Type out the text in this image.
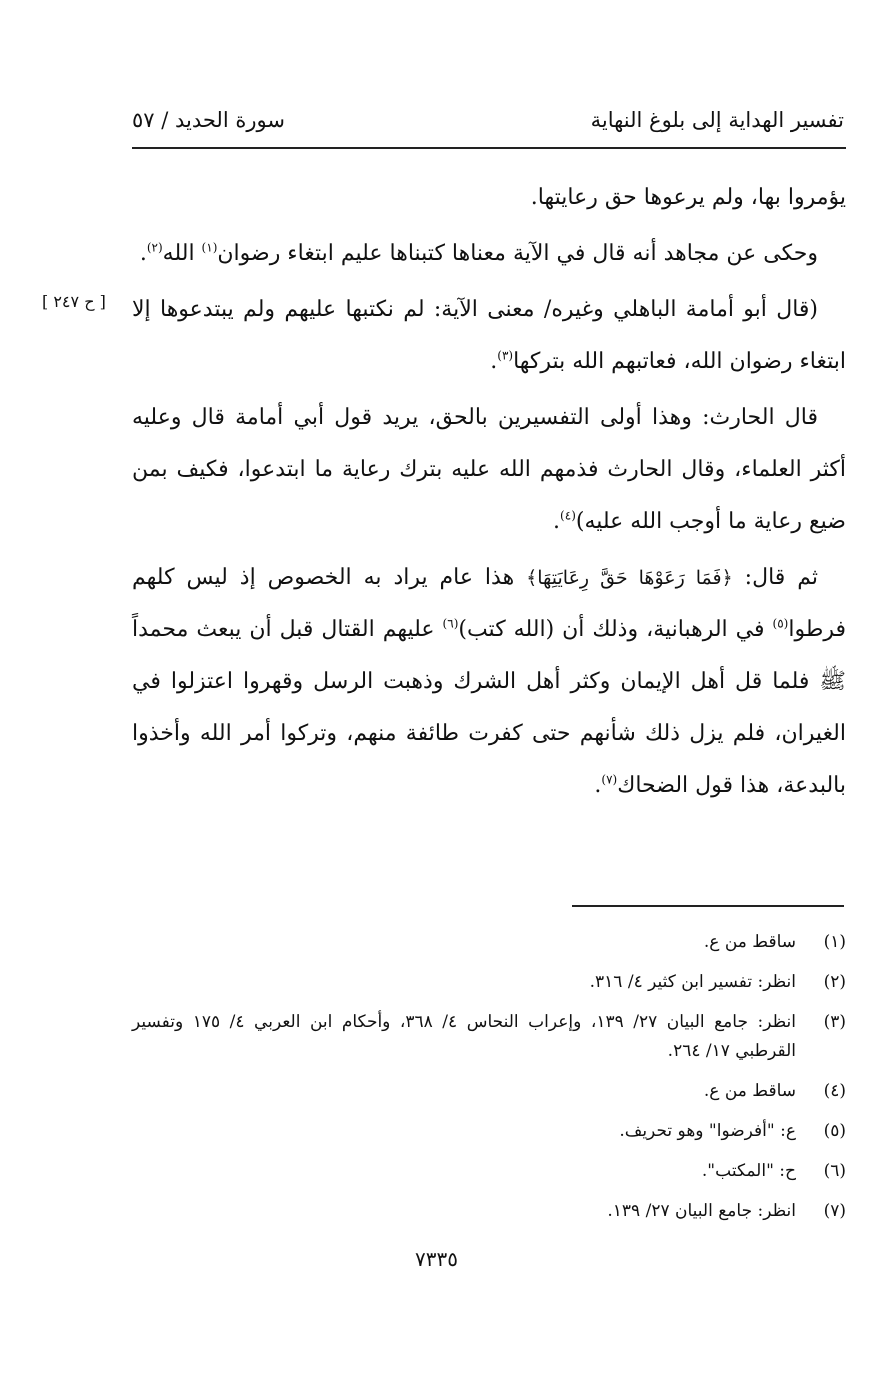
تفسير الهداية إلى بلوغ النهاية
سورة الحديد / ٥٧
[ ح ٢٤٧ ]

يؤمروا بها، ولم يرعوها حق رعايتها.

وحكى عن مجاهد أنه قال في الآية معناها كتبناها عليم ابتغاء رضوان$^{(١)}$ الله$^{(٢)}$.

(قال أبو أمامة الباهلي وغيره/ معنى الآية: لم نكتبها عليهم ولم يبتدعوها إلا ابتغاء رضوان الله، فعاتبهم الله بتركها$^{(٣)}$.

قال الحارث: وهذا أولى التفسيرين بالحق، يريد قول أبي أمامة قال وعليه أكثر العلماء، وقال الحارث فذمهم الله عليه بترك رعاية ما ابتدعوا، فكيف بمن ضيع رعاية ما أوجب الله عليه)$^{(٤)}$.

ثم قال: ﴿فَمَا رَعَوْهَا حَقَّ رِعَايَتِهَا﴾ هذا عام يراد به الخصوص إذ ليس كلهم فرطوا$^{(٥)}$ في الرهبانية، وذلك أن (الله كتب)$^{(٦)}$ عليهم القتال قبل أن يبعث محمداً ﷺ فلما قل أهل الإيمان وكثر أهل الشرك وذهبت الرسل وقهروا اعتزلوا في الغيران، فلم يزل ذلك شأنهم حتى كفرت طائفة منهم، وتركوا أمر الله وأخذوا بالبدعة، هذا قول الضحاك$^{(٧)}$.

(١)
ساقط من ع.
(٢)
انظر: تفسير ابن كثير ٤/ ٣١٦.
(٣)
انظر: جامع البيان ٢٧/ ١٣٩، وإعراب النحاس ٤/ ٣٦٨، وأحكام ابن العربي ٤/ ١٧٥ وتفسير القرطبي ١٧/ ٢٦٤.
(٤)
ساقط من ع.
(٥)
ع: "أفرضوا" وهو تحريف.
(٦)
ح: "المكتب".
(٧)
انظر: جامع البيان ٢٧/ ١٣٩.
٧٣٣٥
